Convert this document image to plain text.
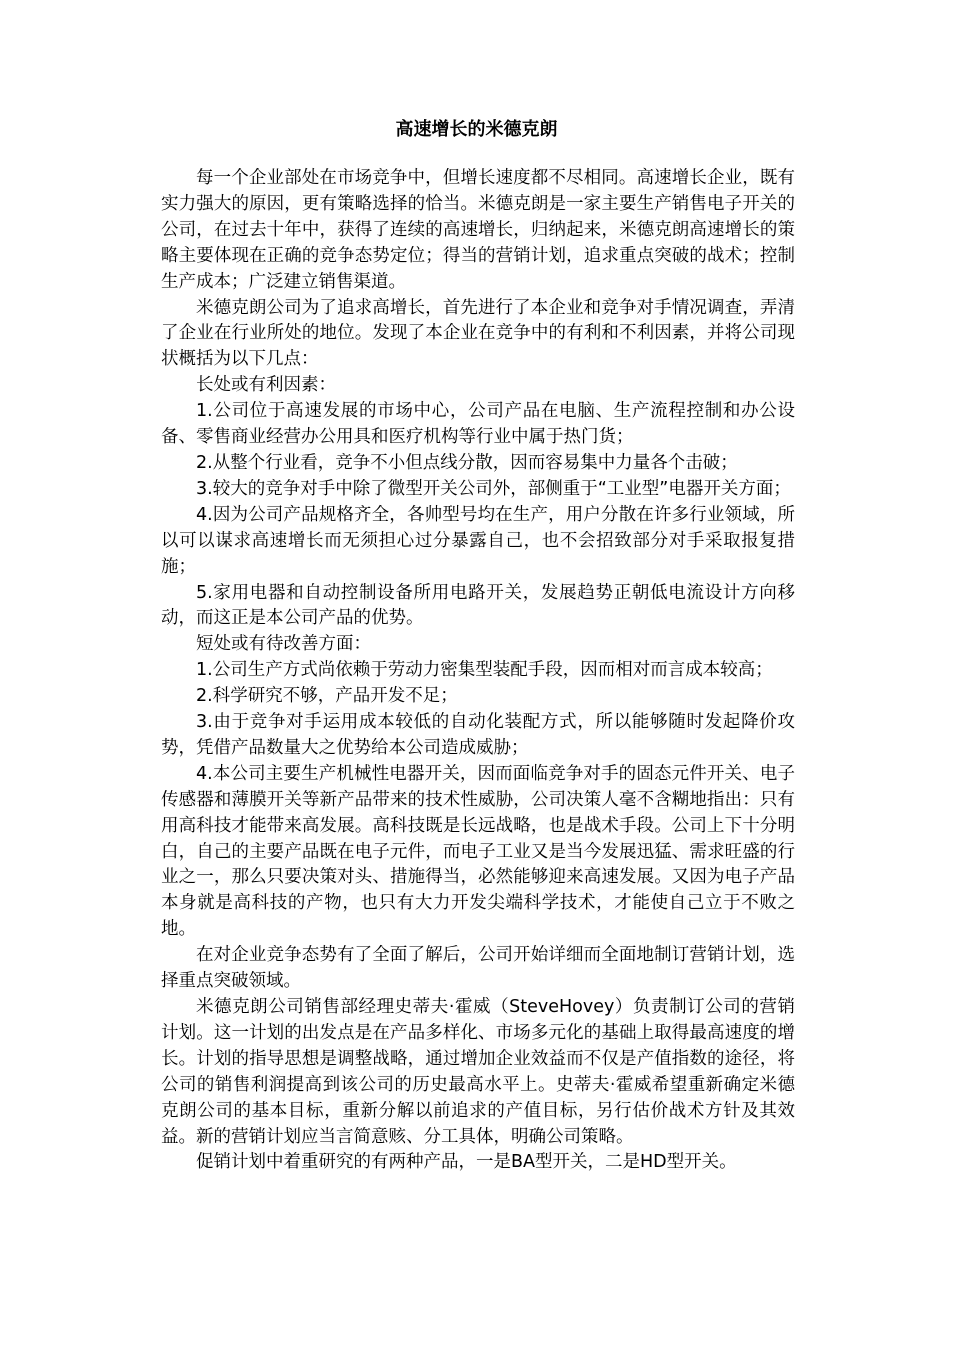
高速增长的米德克朗

每一个企业部处在市场竞争中，但增长速度都不尽相同。高速增长企业，既有实力强大的原因，更有策略选择的恰当。米德克朗是一家主要生产销售电子开关的公司，在过去十年中，获得了连续的高速增长，归纳起来，米德克朗高速增长的策略主要体现在正确的竞争态势定位；得当的营销计划，追求重点突破的战术；控制生产成本；广泛建立销售渠道。

米德克朗公司为了追求高增长，首先进行了本企业和竞争对手情况调查，弄清了企业在行业所处的地位。发现了本企业在竞争中的有利和不利因素，并将公司现状概括为以下几点：

长处或有利因素：

1.公司位于高速发展的市场中心，公司产品在电脑、生产流程控制和办公设备、零售商业经营办公用具和医疗机构等行业中属于热门货；

2.从整个行业看，竞争不小但点线分散，因而容易集中力量各个击破；

3.较大的竞争对手中除了微型开关公司外，部侧重于“工业型”电器开关方面；

4.因为公司产品规格齐全，各帅型号均在生产，用户分散在许多行业领域，所以可以谋求高速增长而无须担心过分暴露自己，也不会招致部分对手采取报复措施；

5.家用电器和自动控制设备所用电路开关，发展趋势正朝低电流设计方向移动，而这正是本公司产品的优势。

短处或有待改善方面：

1.公司生产方式尚依赖于劳动力密集型装配手段，因而相对而言成本较高；

2.科学研究不够，产品开发不足；

3.由于竞争对手运用成本较低的自动化装配方式，所以能够随时发起降价攻势，凭借产品数量大之优势给本公司造成威胁；

4.本公司主要生产机械性电器开关，因而面临竞争对手的固态元件开关、电子传感器和薄膜开关等新产品带来的技术性威胁，公司决策人毫不含糊地指出：只有用高科技才能带来高发展。高科技既是长远战略，也是战术手段。公司上下十分明白，自己的主要产品既在电子元件，而电子工业又是当今发展迅猛、需求旺盛的行业之一，那么只要决策对头、措施得当，必然能够迎来高速发展。又因为电子产品本身就是高科技的产物，也只有大力开发尖端科学技术，才能使自己立于不败之地。

在对企业竞争态势有了全面了解后，公司开始详细而全面地制订营销计划，选择重点突破领域。

米德克朗公司销售部经理史蒂夫·霍威（SteveHovey）负责制订公司的营销计划。这一计划的出发点是在产品多样化、市场多元化的基础上取得最高速度的增长。计划的指导思想是调整战略，通过增加企业效益而不仅是产值指数的途径，将公司的销售利润提高到该公司的历史最高水平上。史蒂夫·霍威希望重新确定米德克朗公司的基本目标，重新分解以前追求的产值目标，另行估价战术方针及其效益。新的营销计划应当言简意赅、分工具体，明确公司策略。

促销计划中着重研究的有两种产品，一是BA型开关，二是HD型开关。
